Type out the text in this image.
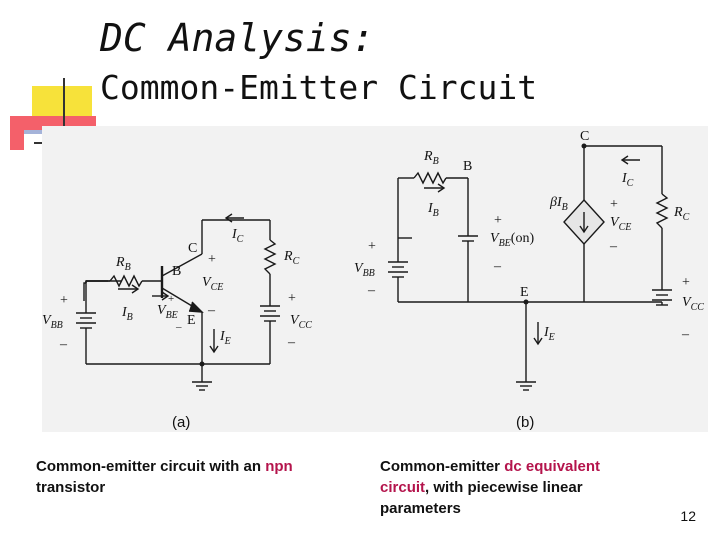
DC Analysis:
Common-Emitter Circuit
$R_B$	B
C
E
$I_C$
$R_C$
$I_B$ $V_{BE}$
$V_{CE}$
$I_E$
$V_{BB}$	$V_{CC}$
+
–
+
–
+
–
+
–
$R_B$ B
C
E
$I_B$
$I_C$
$R_C$
$\beta I_B$
$V_{CE}$
$V_{BE}(on)$
$I_E$
$V_{BB}$
$V_{CC}$
+
–
+
–
+
–
+
–
(a)	(b)
Common-emitter circuit with an npn transistor
Common-emitter dc equivalent circuit, with piecewise linear parameters	12
